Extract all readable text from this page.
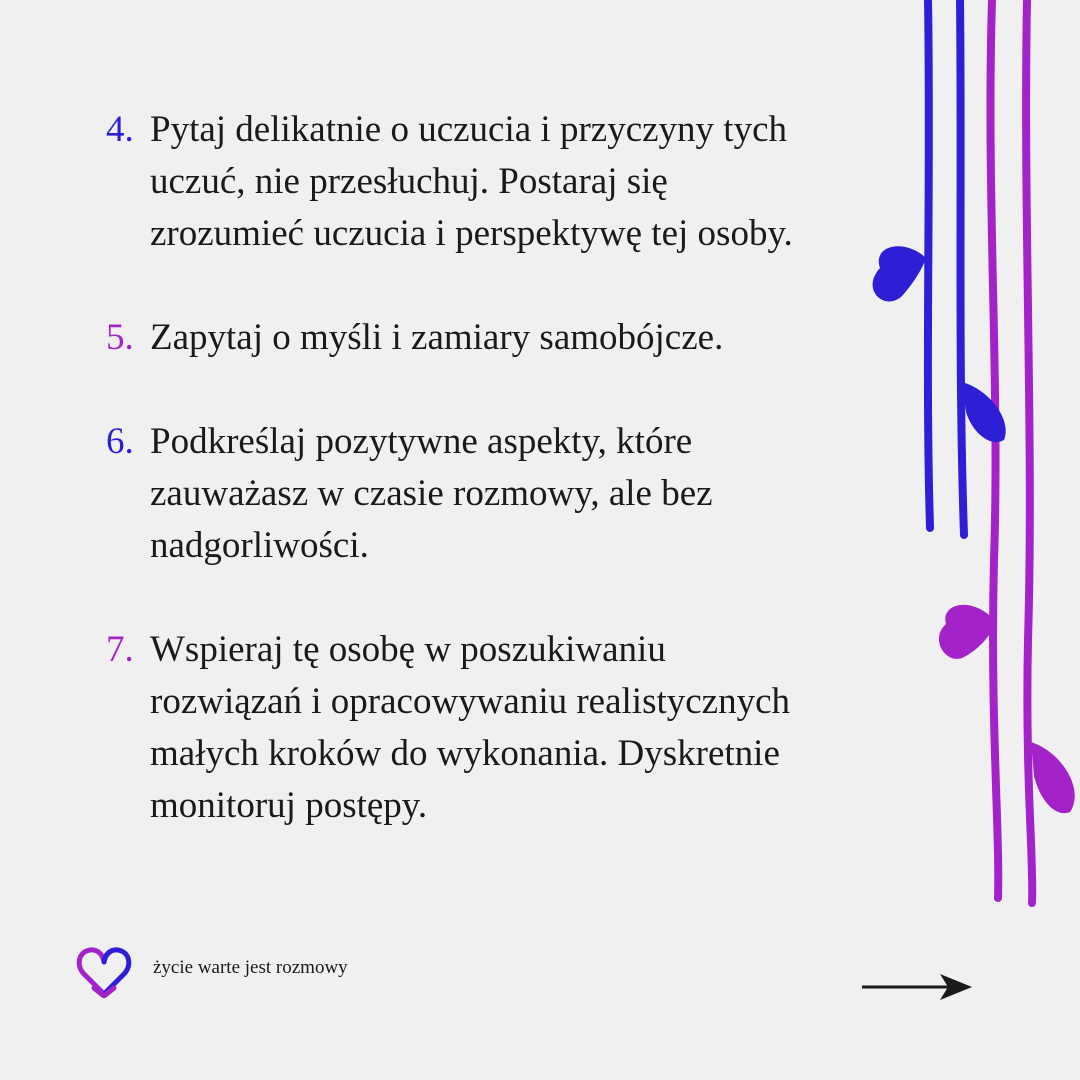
4. Pytaj delikatnie o uczucia i przyczyny tych
uczuć, nie przesłuchuj. Postaraj się
zrozumieć uczucia i perspektywę tej osoby.
5. Zapytaj o myśli i zamiary samobójcze.
6. Podkreślaj pozytywne aspekty, które
zauważasz w czasie rozmowy, ale bez
nadgorliwości.
7. Wspieraj tę osobę w poszukiwaniu
rozwiązań i opracowywaniu realistycznych
małych kroków do wykonania. Dyskretnie
monitoruj postępy.
życie warte jest rozmowy
